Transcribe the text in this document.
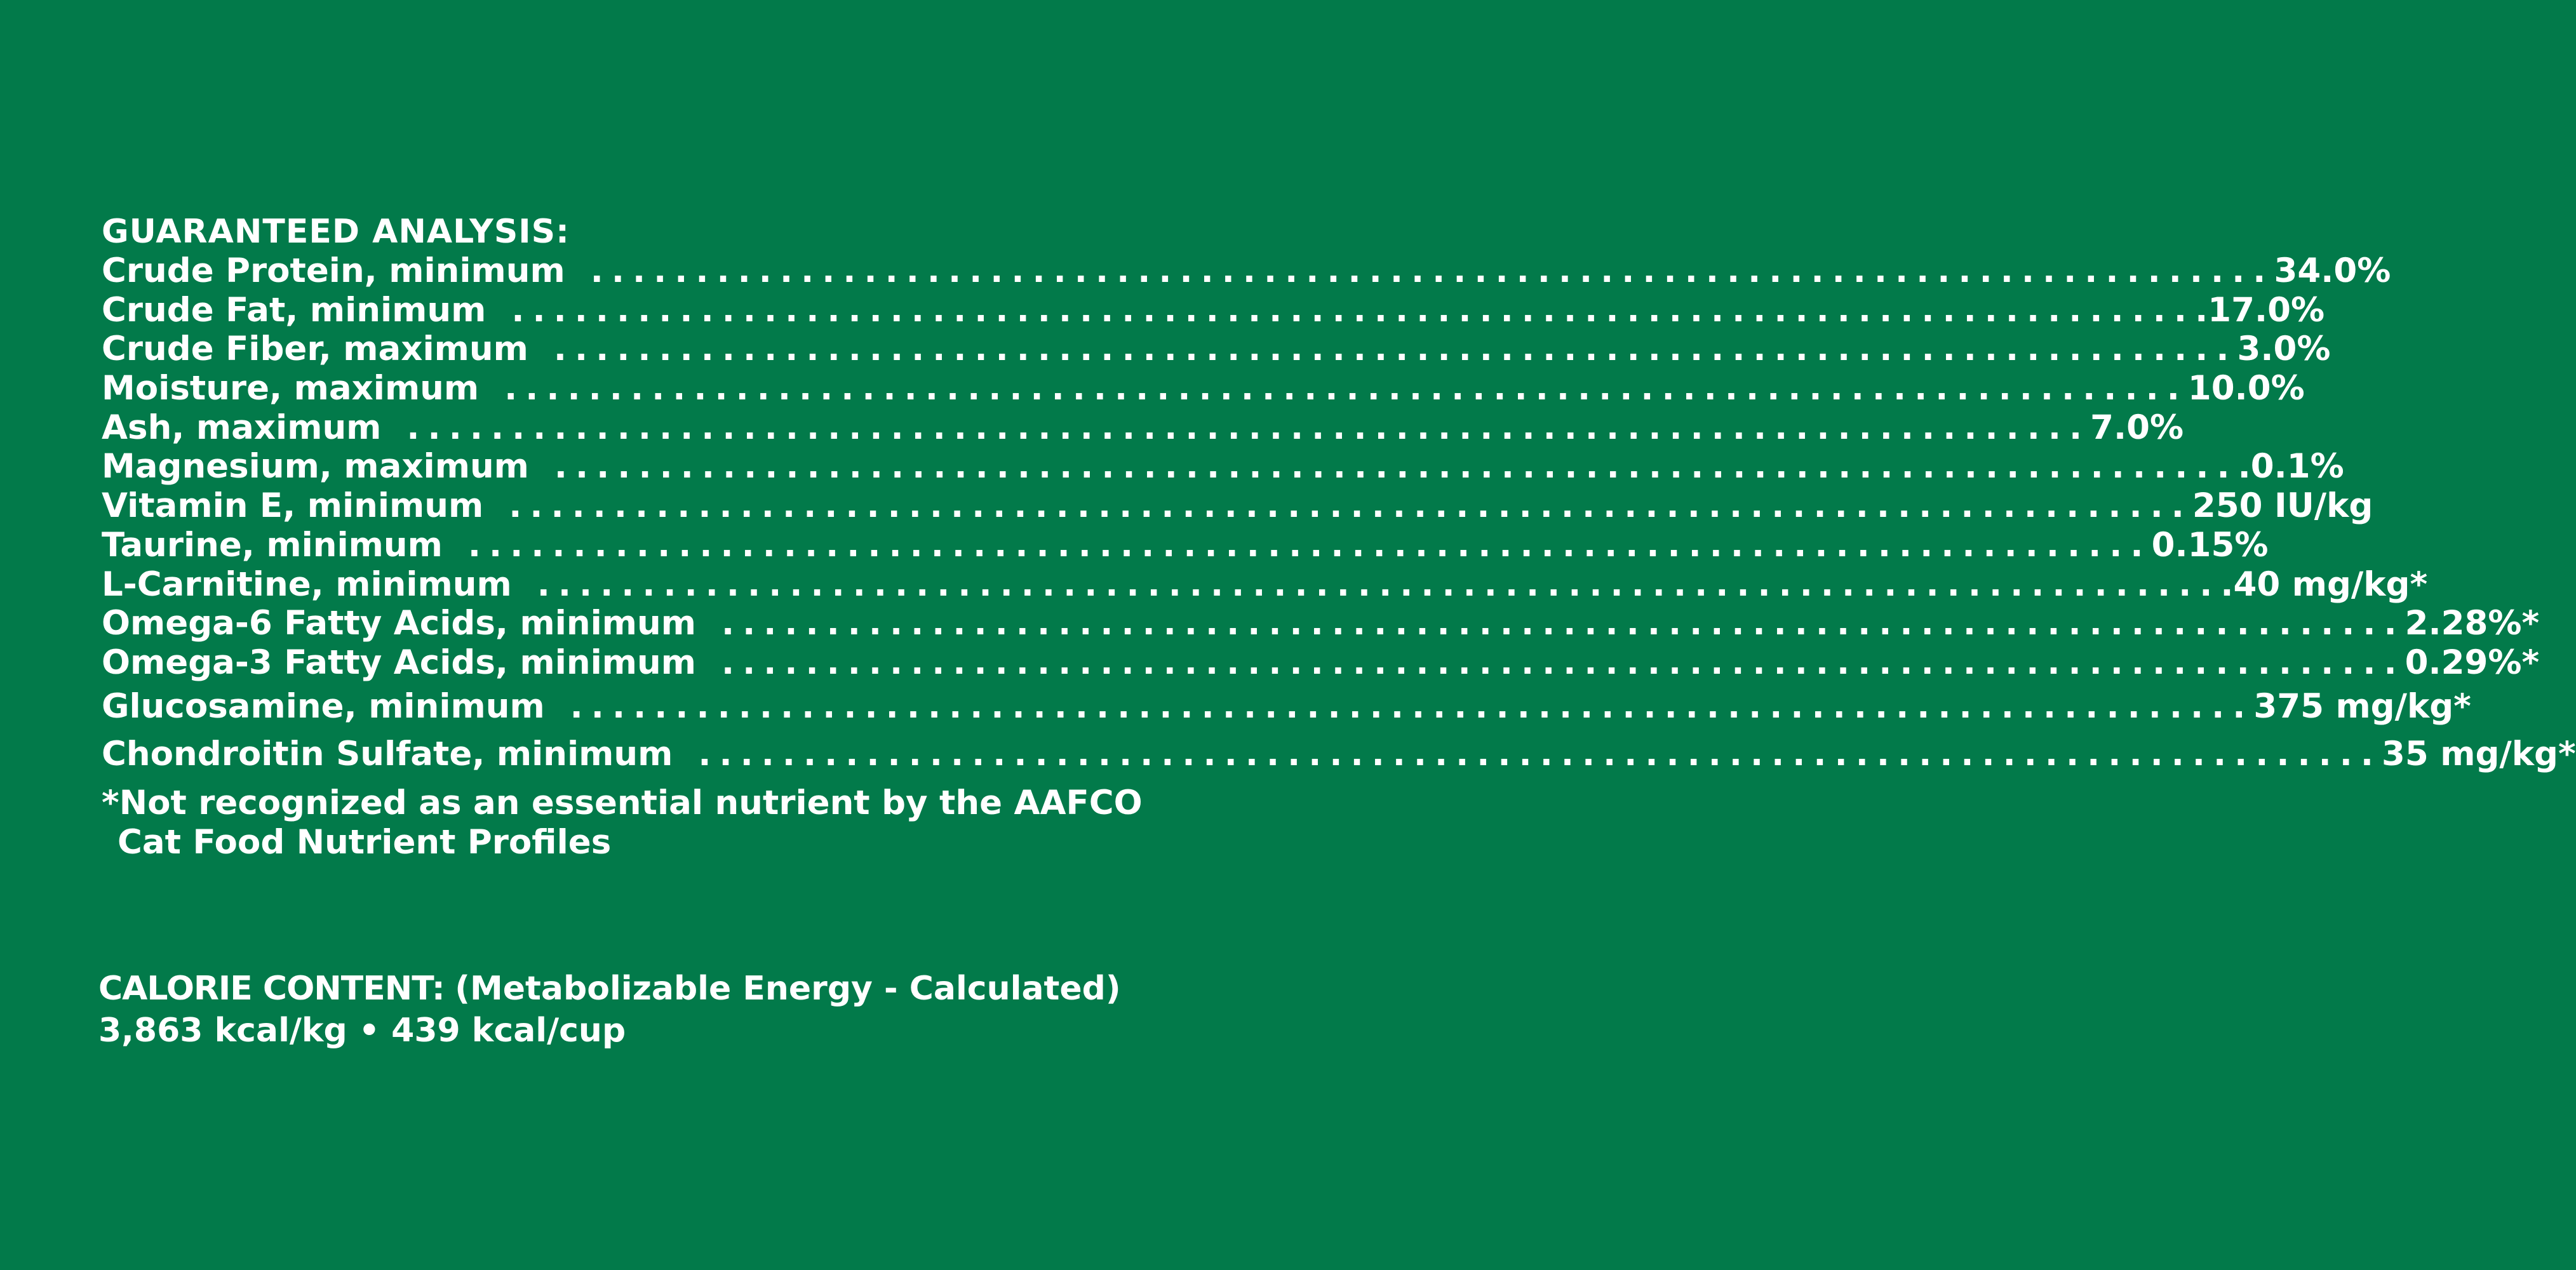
GUARANTEED ANALYSIS:
Crude Protein, minimum ................................................................................ 34.0%
Crude Fat, minimum ................................................................................ .17.0%
Crude Fiber, maximum ................................................................................ 3.0%
Moisture, maximum ................................................................................ 10.0%
Ash, maximum ................................................................................ 7.0%
Magnesium, maximum ................................................................................ .0.1%
Vitamin E, minimum ................................................................................ 250 IU/kg
Taurine, minimum ................................................................................ 0.15%
L-Carnitine, minimum ................................................................................ .40 mg/kg*
Omega-6 Fatty Acids, minimum ................................................................................ 2.28%*
Omega-3 Fatty Acids, minimum ................................................................................ 0.29%*
Glucosamine, minimum ................................................................................ 375 mg/kg*
Chondroitin Sulfate, minimum ................................................................................ 35 mg/kg*

*Not recognized as an essential nutrient by the AAFCO
Cat Food Nutrient Profiles

CALORIE CONTENT: (Metabolizable Energy - Calculated)
3,863 kcal/kg • 439 kcal/cup
